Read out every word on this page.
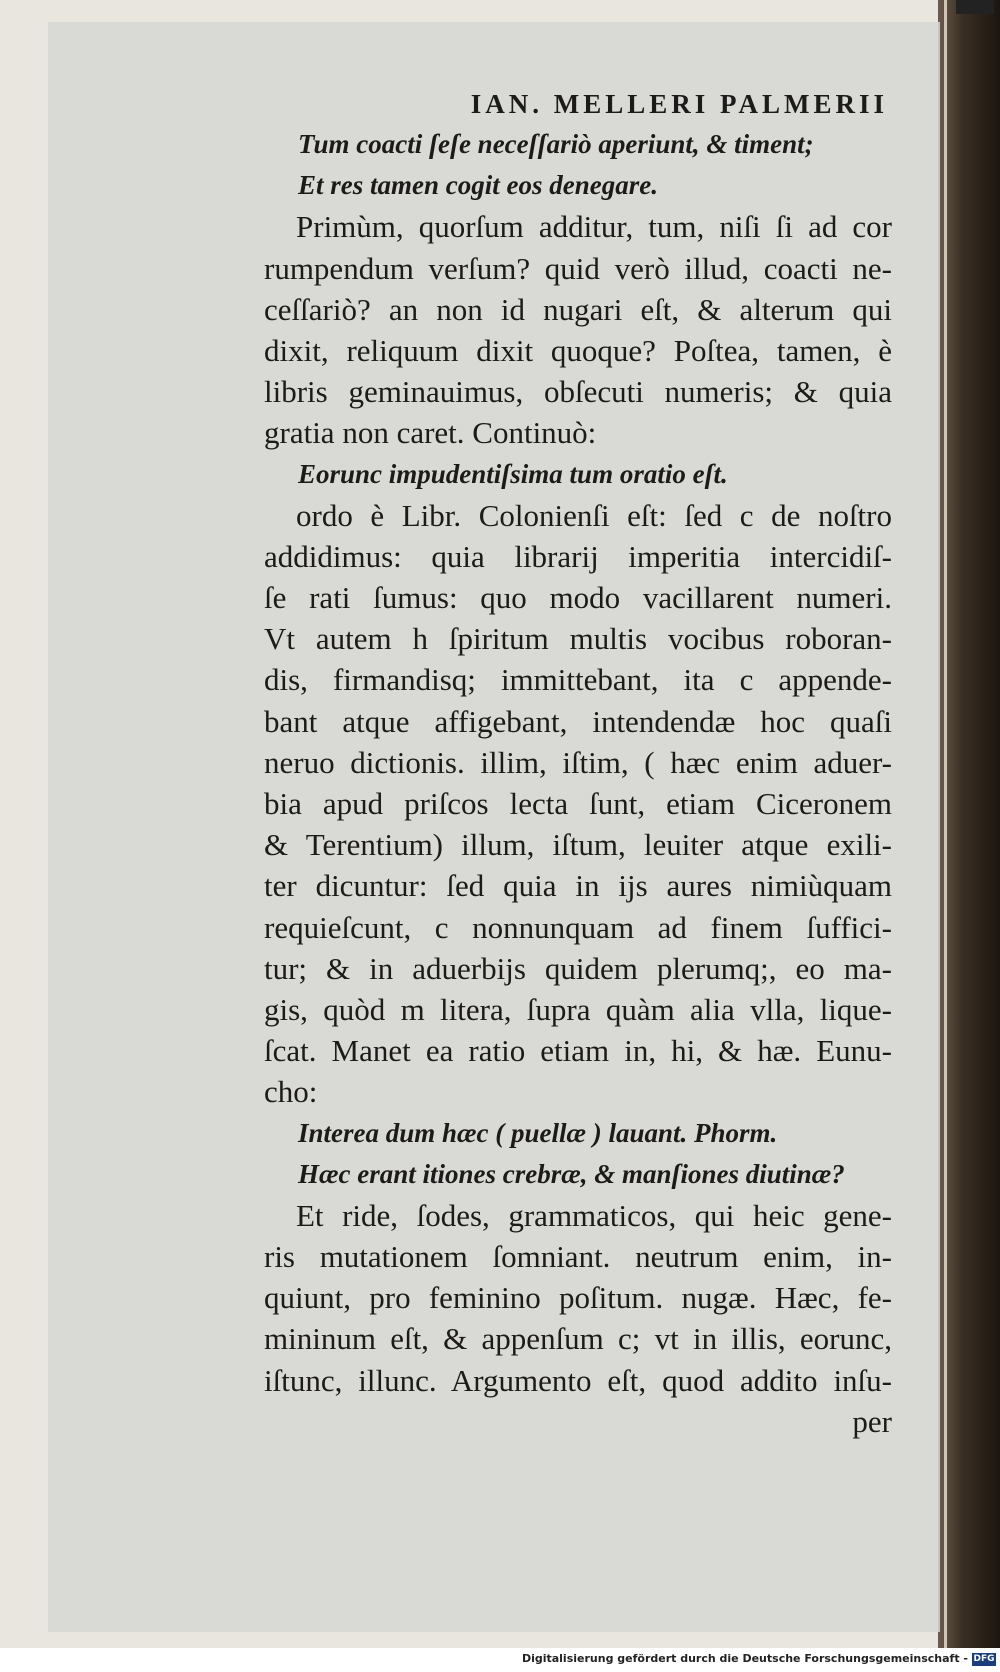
IAN. MELLERI PALMERII
Tum coacti ſeſe neceſſariò aperiunt, & timent;
Et res tamen cogit eos denegare.
Primùm, quorſum additur, tum, niſi ſi ad cor
rumpendum verſum? quid verò illud, coacti ne-
ceſſariò? an non id nugari eſt, & alterum qui
dixit, reliquum dixit quoque? Poſtea, tamen, è
libris geminauimus, obſecuti numeris; & quia
gratia non caret. Continuò:
Eorunc impudentiſsima tum oratio eſt.
ordo è Libr. Colonienſi eſt: ſed c de noſtro
addidimus: quia librarij imperitia intercidiſ-
ſe rati ſumus: quo modo vacillarent numeri.
Vt autem h ſpiritum multis vocibus roboran-
dis, firmandisq; immittebant, ita c appende-
bant atque affigebant, intendendæ hoc quaſi
neruo dictionis. illim, iſtim, ( hæc enim aduer-
bia apud priſcos lecta ſunt, etiam Ciceronem
& Terentium) illum, iſtum, leuiter atque exili-
ter dicuntur: ſed quia in ijs aures nimiùquam
requieſcunt, c nonnunquam ad finem ſuffici-
tur; & in aduerbijs quidem plerumq;, eo ma-
gis, quòd m litera, ſupra quàm alia vlla, lique-
ſcat. Manet ea ratio etiam in, hi, & hæ. Eunu-
cho:
Interea dum hæc ( puellæ ) lauant. Phorm.
Hæc erant itiones crebræ, & manſiones diutinæ?
Et ride, ſodes, grammaticos, qui heic gene-
ris mutationem ſomniant. neutrum enim, in-
quiunt, pro feminino poſitum. nugæ. Hæc, fe-
mininum eſt, & appenſum c; vt in illis, eorunc,
iſtunc, illunc. Argumento eſt, quod addito inſu-
per
Digitalisierung gefördert durch die Deutsche Forschungsgemeinschaft - DFG
